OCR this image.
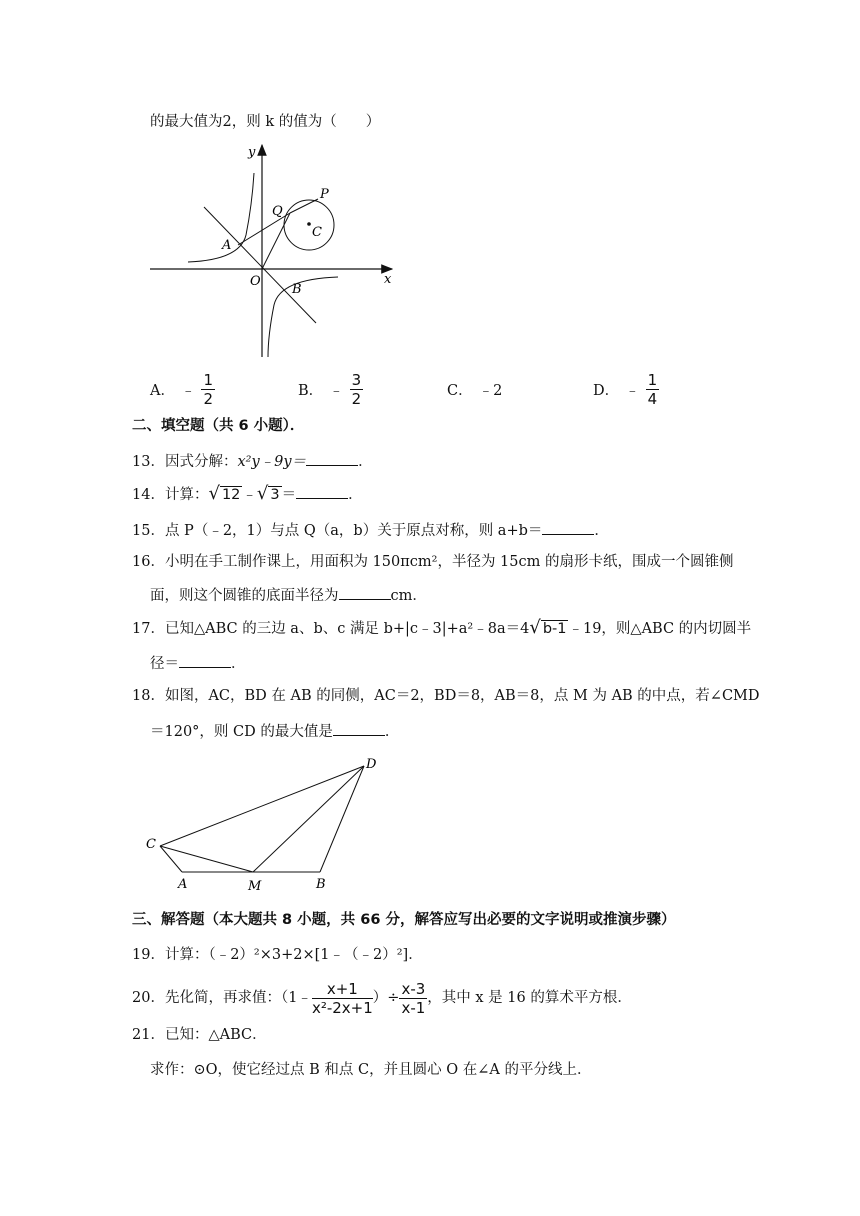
的最大值为2，则 k 的值为（　　）
y
x
P
Q
C
A
O
B
A． ﹣ $\frac{1}{2}$	B． ﹣ $\frac{3}{2}$	C． ﹣2	D． ﹣ $\frac{1}{4}$
二、填空题（共 6 小题）．
13．因式分解：x²y﹣9y＝	．
14．计算：√ 12 ﹣√ 3 ＝	．
15．点 P（﹣2，1）与点 Q（a，b）关于原点对称，则 a+b＝	．
16．小明在手工制作课上，用面积为 150πcm²，半径为 15cm 的扇形卡纸，围成一个圆锥侧
面，则这个圆锥的底面半径为	cm．
17．已知△ABC 的三边 a、b、c 满足 b+|c﹣3|+a²﹣8a＝4√ b-1 ﹣19，则△ABC 的内切圆半
径＝	．
18．如图，AC，BD 在 AB 的同侧，AC＝2，BD＝8，AB＝8，点 M 为 AB 的中点，若∠CMD
＝120°，则 CD 的最大值是	．
D
C
A	M	B
三、解答题（本大题共 8 小题，共 66 分，解答应写出必要的文字说明或推演步骤）
19．计算：（﹣2）²×3+2×[1﹣（﹣2）²]．
20．先化简，再求值：（1﹣ $\frac{x+1}{\text{x²-2x+1}}$ ）÷ $\frac{x-3}{x-1}$ ，其中 x 是 16 的算术平方根．
21．已知：△ABC．
求作：⊙O，使它经过点 B 和点 C，并且圆心 O 在∠A 的平分线上．
